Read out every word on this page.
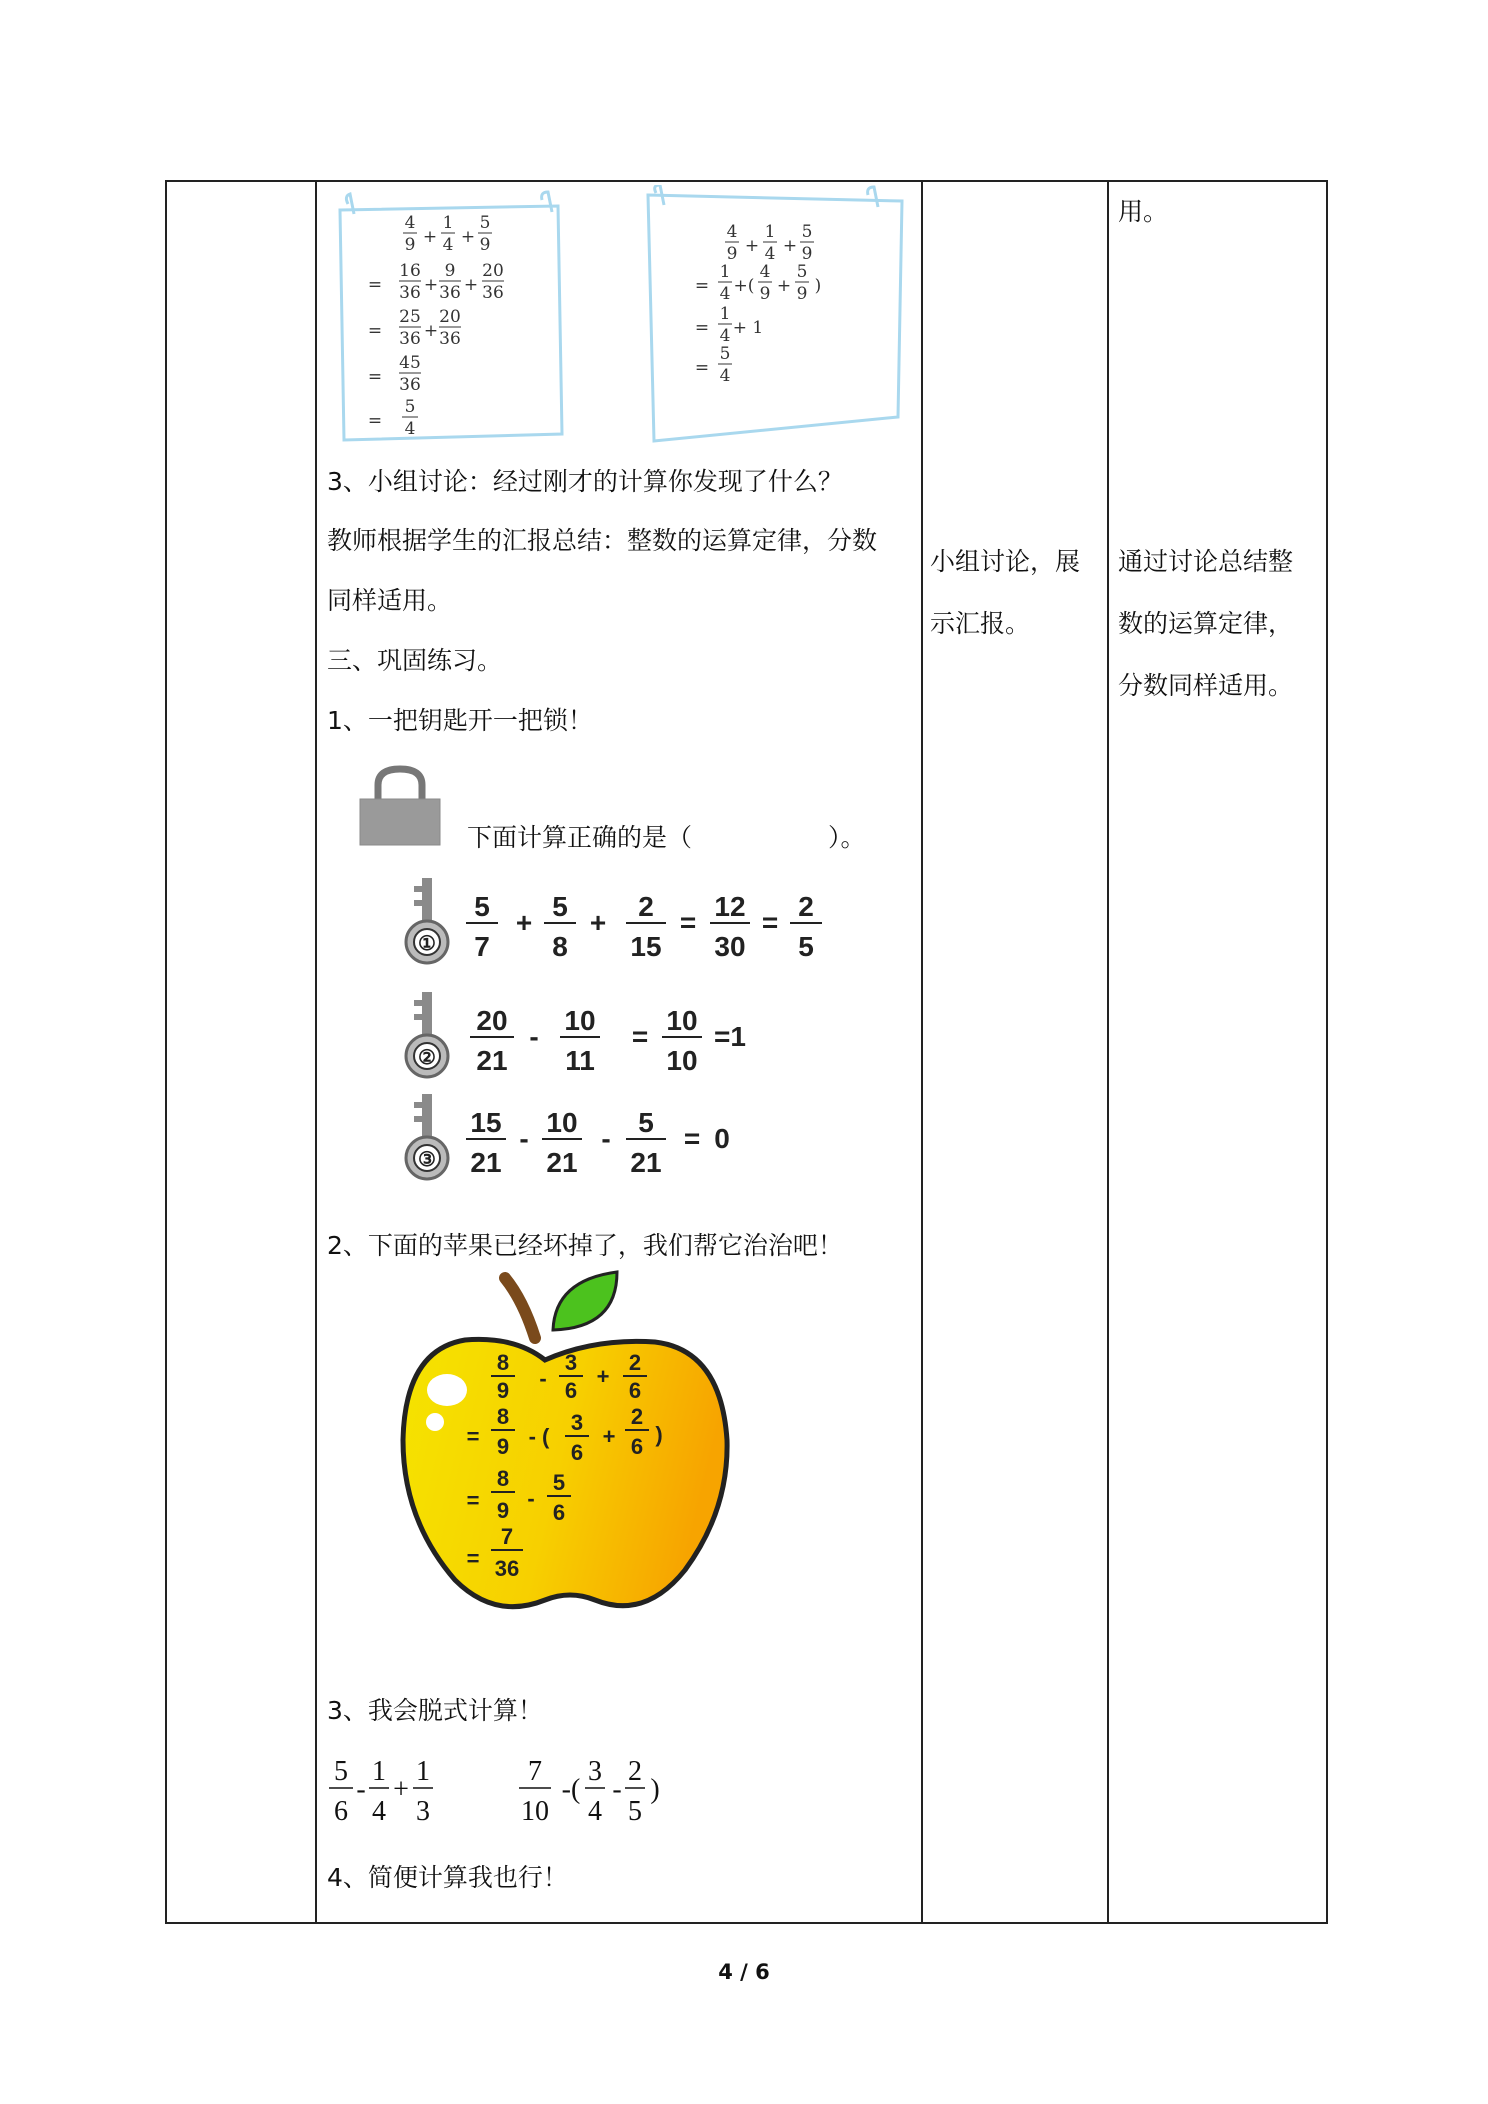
用。
4
9 +
1
4 +
5
9
=
16
36 +
9
36 +
20
36
=
25
36 +
20
36
=
45
36
=
5
4
4
9 +
1
4 +
5
9
=
1
4 +(
4
9 +
5
9 )
=
1
4 + 1
=
5
4
3、小组讨论：经过刚才的计算你发现了什么？
教师根据学生的汇报总结：整数的运算定律，分数
同样适用。
三、巩固练习。
1、一把钥匙开一把锁！
下面计算正确的是（	）。
①
5
7
+
5
8
+
2
15
=
12
30
=
2
5
②
20
21
-
10
11
=
10
10
=1
③
15
21
-
10
21
-
5
21
= 0
2、下面的苹果已经坏掉了，我们帮它治治吧！
8
9 -
3
6
+
2
6
=
8
9 - (
3
6
+
2
6 )
=
8
9 -
5
6
=
7
36
3、我会脱式计算！
5
6
-
1
4
+
1
3
7
10
-(
3
4
-
2
5
)
4、简便计算我也行！
小组讨论，展
示汇报。
通过讨论总结整
数的运算定律，
分数同样适用。
4 / 6
